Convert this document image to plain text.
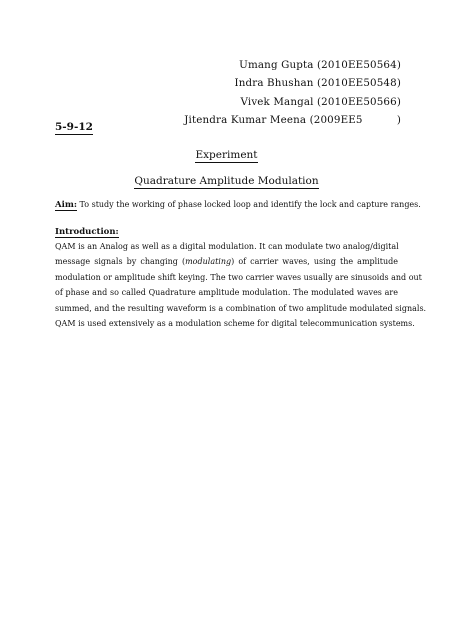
Umang Gupta (2010EE50564)
Indra Bhushan (2010EE50548)
Vivek Mangal (2010EE50566)
Jitendra Kumar Meena (2009EE5          )
5-9-12
Experiment
Quadrature Amplitude Modulation
Aim: To study the working of phase locked loop and identify the lock and capture ranges.
Introduction:
QAM is an Analog as well as a digital modulation. It can modulate two analog/digital
message signals by changing (modulating) of carrier waves, using the amplitude
modulation or amplitude shift keying. The two carrier waves usually are sinusoids and out
of phase and so called Quadrature amplitude modulation. The modulated waves are
summed, and the resulting waveform is a combination of two amplitude modulated signals.
QAM is used extensively as a modulation scheme for digital telecommunication systems.
